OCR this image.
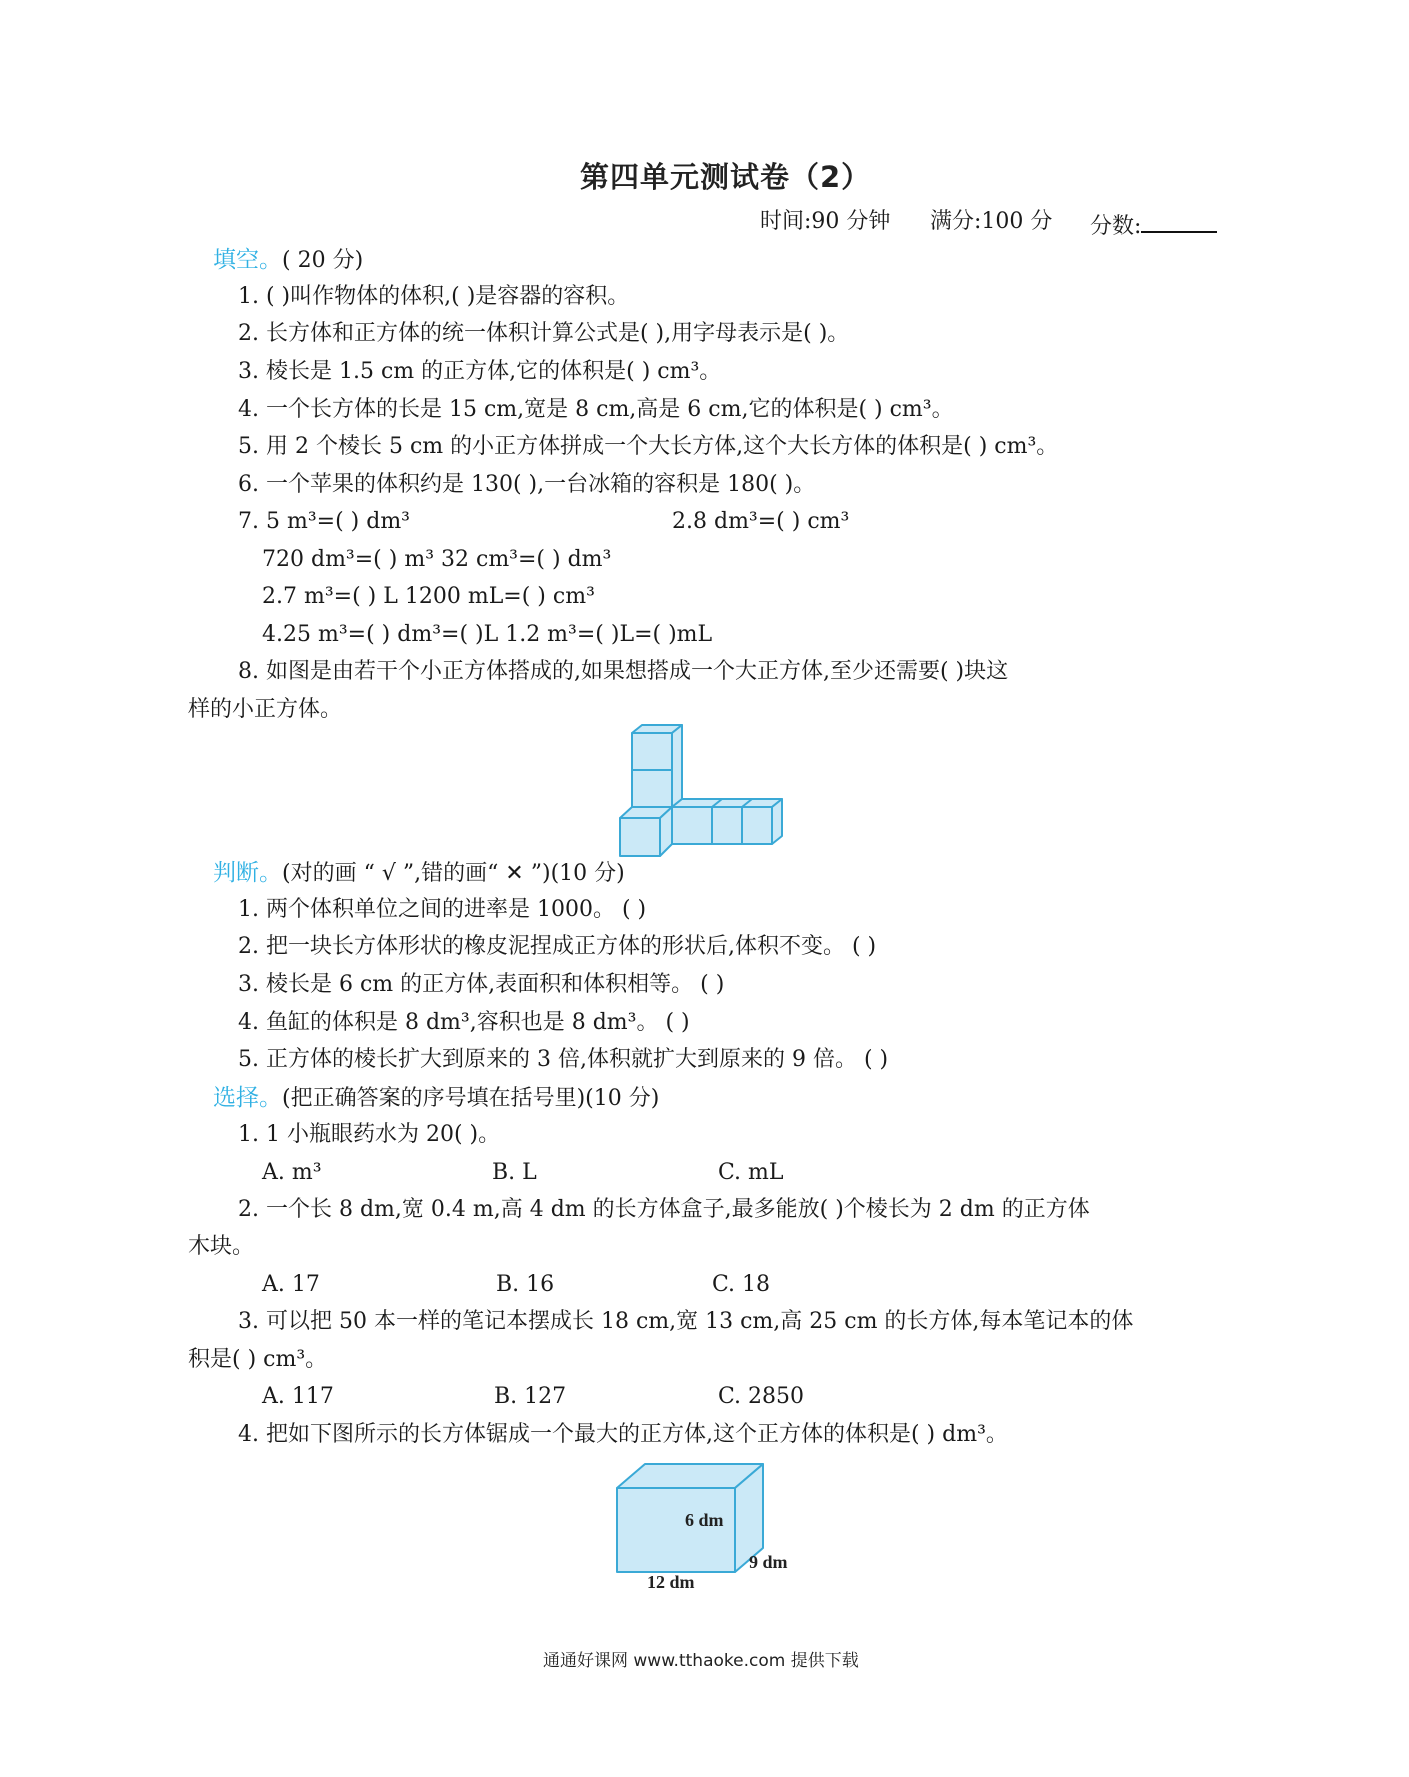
第四单元测试卷（2）
时间:90 分钟 满分:100 分 分数:
填空。( 20 分)
1. ( )叫作物体的体积,( )是容器的容积。
2. 长方体和正方体的统一体积计算公式是( ),用字母表示是( )。
3. 棱长是 1.5 cm 的正方体,它的体积是( ) cm³。
4. 一个长方体的长是 15 cm,宽是 8 cm,高是 6 cm,它的体积是( ) cm³。
5. 用 2 个棱长 5 cm 的小正方体拼成一个大长方体,这个大长方体的体积是( ) cm³。
6. 一个苹果的体积约是 130( ),一台冰箱的容积是 180( )。
7. 5 m³=( ) dm³	2.8 dm³=( ) cm³
720 dm³=( ) m³ 32 cm³=( ) dm³
2.7 m³=( ) L 1200 mL=( ) cm³
4.25 m³=( ) dm³=( )L 1.2 m³=( )L=( )mL
8. 如图是由若干个小正方体搭成的,如果想搭成一个大正方体,至少还需要( )块这
样的小正方体。
判断。(对的画 “ √ ”,错的画“ ✕ ”)(10 分)
1. 两个体积单位之间的进率是 1000。 ( )
2. 把一块长方体形状的橡皮泥捏成正方体的形状后,体积不变。 ( )
3. 棱长是 6 cm 的正方体,表面积和体积相等。 ( )
4. 鱼缸的体积是 8 dm³,容积也是 8 dm³。 ( )
5. 正方体的棱长扩大到原来的 3 倍,体积就扩大到原来的 9 倍。 ( )
选择。(把正确答案的序号填在括号里)(10 分)
1. 1 小瓶眼药水为 20( )。
A. m³	B. L	C. mL
2. 一个长 8 dm,宽 0.4 m,高 4 dm 的长方体盒子,最多能放( )个棱长为 2 dm 的正方体
木块。
A. 17	B. 16	C. 18
3. 可以把 50 本一样的笔记本摆成长 18 cm,宽 13 cm,高 25 cm 的长方体,每本笔记本的体
积是( ) cm³。
A. 117	B. 127	C. 2850
4. 把如下图所示的长方体锯成一个最大的正方体,这个正方体的体积是( ) dm³。
6 dm
9 dm
12 dm
通通好课网 www.tthaoke.com 提供下载
